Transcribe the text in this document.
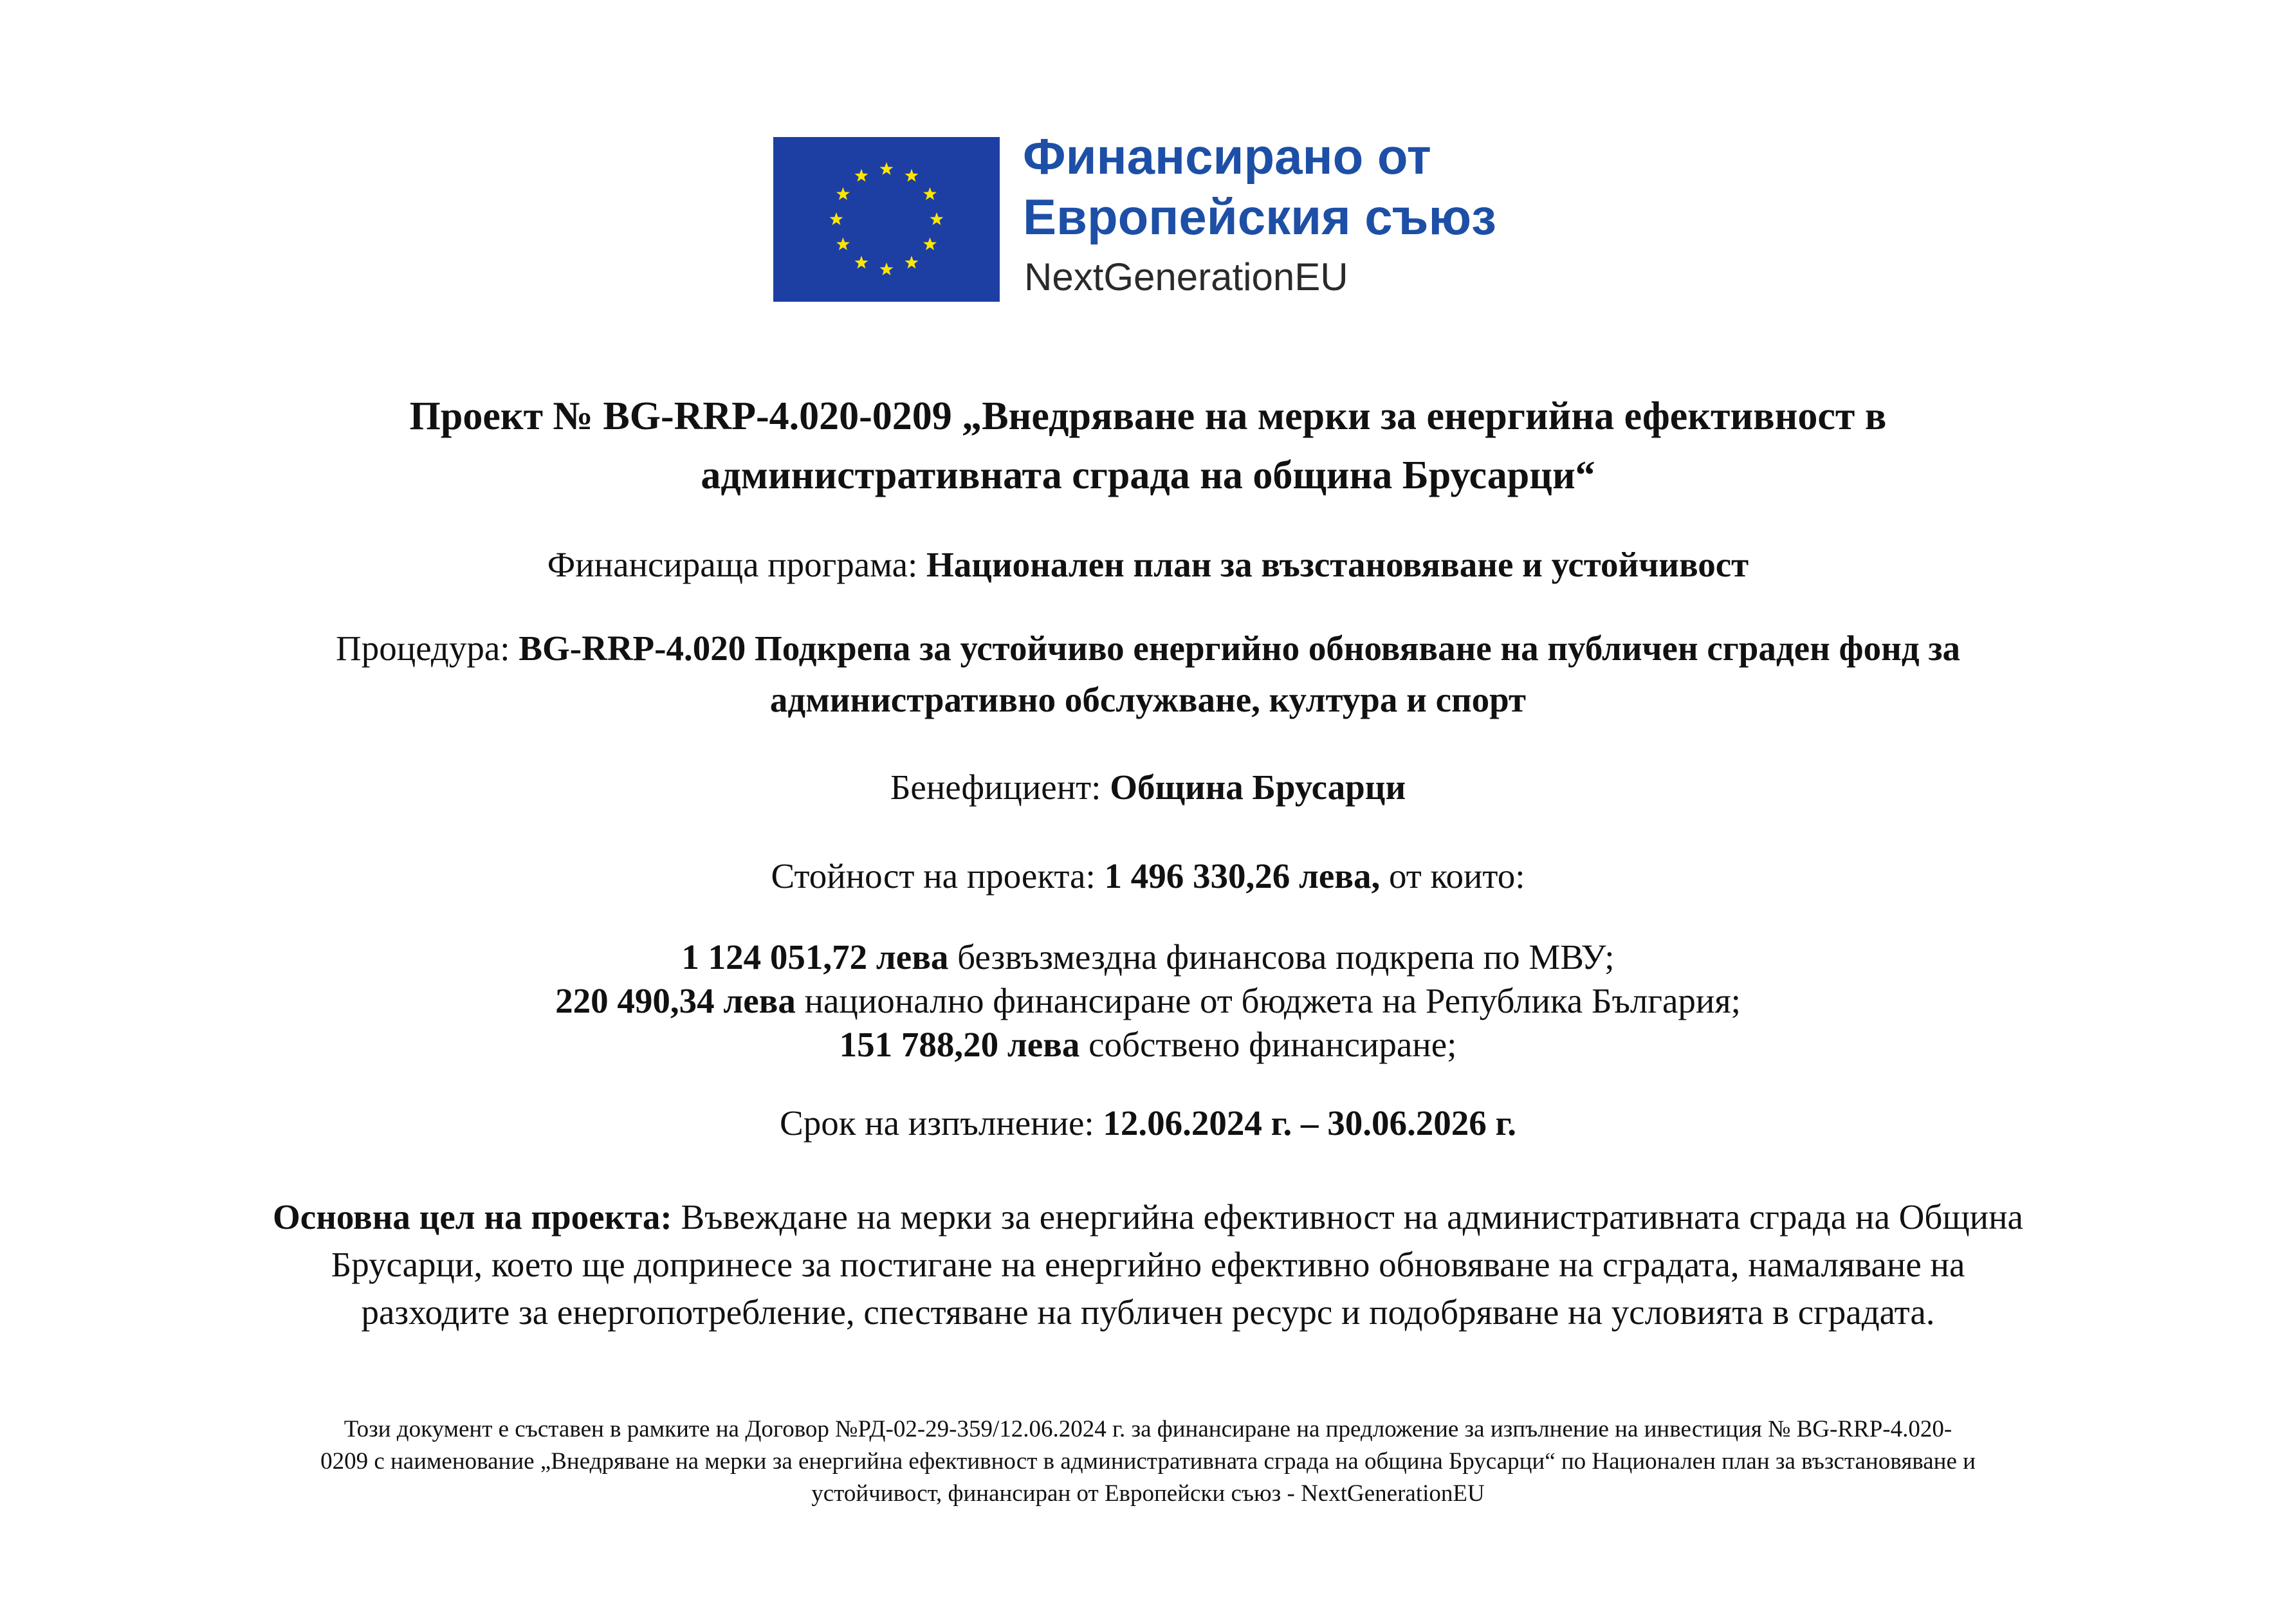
Финансирано от
Европейския съюз
NextGenerationEU
Проект № BG-RRP-4.020-0209 „Внедряване на мерки за енергийна ефективност в
административната сграда на община Брусарци“
Финансираща програма: Национален план за възстановяване и устойчивост
Процедура: BG-RRP-4.020 Подкрепа за устойчиво енергийно обновяване на публичен сграден фонд за
административно обслужване, култура и спорт
Бенефициент: Община Брусарци
Стойност на проекта: 1 496 330,26 лева, от които:
1 124 051,72 лева безвъзмездна финансова подкрепа по МВУ;
220 490,34 лева национално финансиране от бюджета на Република България;
151 788,20 лева собствено финансиране;
Срок на изпълнение: 12.06.2024 г. – 30.06.2026 г.
Основна цел на проекта: Въвеждане на мерки за енергийна ефективност на административната сграда на Община
Брусарци, което ще допринесе за постигане на енергийно ефективно обновяване на сградата, намаляване на
разходите за енергопотребление, спестяване на публичен ресурс и подобряване на условията в сградата.
Този документ е съставен в рамките на Договор №РД-02-29-359/12.06.2024 г. за финансиране на предложение за изпълнение на инвестиция № BG-RRP-4.020-
0209 с наименование „Внедряване на мерки за енергийна ефективност в административната сграда на община Брусарци“ по Национален план за възстановяване и
устойчивост, финансиран от Европейски съюз - NextGenerationEU
